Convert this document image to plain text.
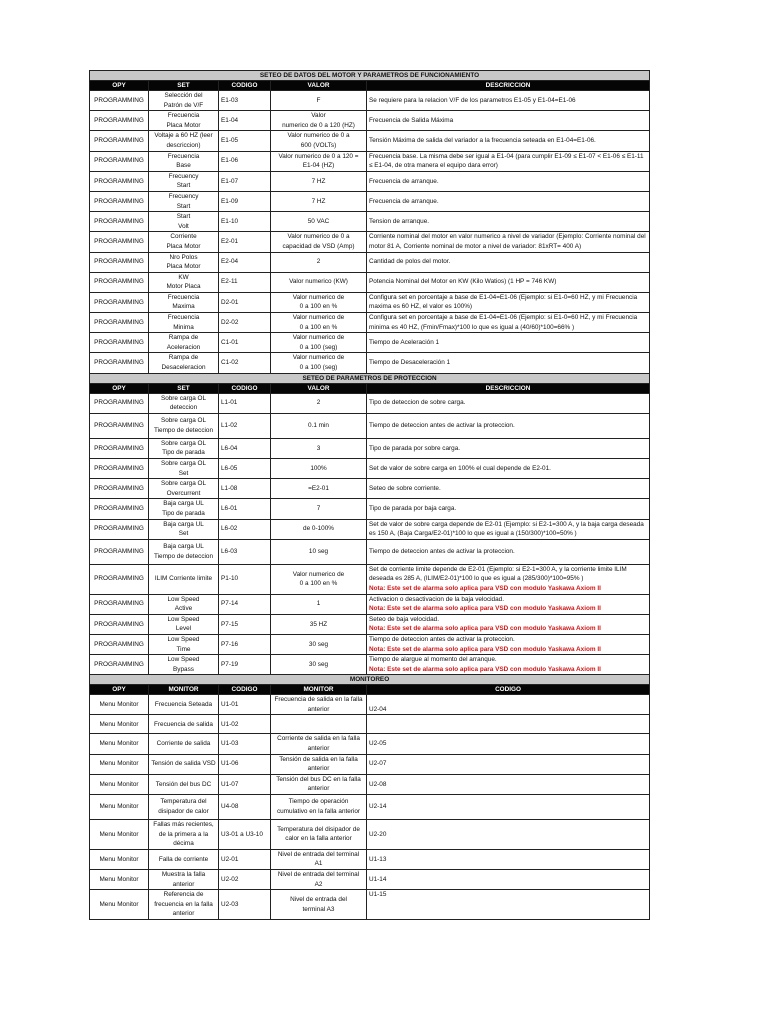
SETEO DE DATOS DEL MOTOR Y PARAMETROS DE FUNCIONAMIENTO				
OPY	SET	CODIGO	VALOR	DESCRICCION
PROGRAMMING	Selección del
Patrón de V/F	E1-03	F	Se requiere para la relacion V/F de los parametros E1-05 y E1-04=E1-06
PROGRAMMING	Frecuencia
Placa Motor	E1-04	Valor
numerico de 0 a 120 (HZ)	Frecuencia de Salida Máxima
PROGRAMMING	Voltaje a 60 HZ (leer
descriccion)	E1-05	Valor numerico de 0 a
600 (VOLTs)	Tensión Máxima de salida del variador a la frecuencia seteada en E1-04=E1-06.
PROGRAMMING	Frecuencia
Base	E1-06	Valor numerico de 0 a 120 =
E1-04 (HZ)	Frecuencia base. La misma debe ser igual a E1-04 (para cumplir E1-09 ≤ E1-07 < E1-06 ≤ E1-11 ≤ E1-04, de otra manera el equipo dara error)
PROGRAMMING	Frecuency
Start	E1-07	7 HZ	Frecuencia de arranque.
PROGRAMMING	Frecuency
Start	E1-09	7 HZ	Frecuencia de arranque.
PROGRAMMING	Start
Volt	E1-10	50 VAC	Tension de arranque.
PROGRAMMING	Corriente
Placa Motor	E2-01	Valor numerico de 0 a
capacidad de VSD (Amp)	Corriente nominal del motor en valor numerico a nivel de variador (Ejemplo: Corriente nominal del motor 81 A, Corriente nominal de motor a nivel de variador: 81xRT= 400 A)
PROGRAMMING	Nro Polos
Placa Motor	E2-04	2	Cantidad de polos del motor.
PROGRAMMING	KW
Motor Placa	E2-11	Valor numerico (KW)	Potencia Nominal del Motor en KW (Kilo Watios) (1 HP = 746 KW)
PROGRAMMING	Frecuencia
Maxima	D2-01	Valor numerico de
0 a 100 en %	Configura set en porcentaje a base de E1-04=E1-06 (Ejemplo: si E1-0=60 HZ, y mi Frecuencia maxima es 60 HZ, el valor es 100%)
PROGRAMMING	Frecuencia
Minima	D2-02	Valor numerico de
0 a 100 en %	Configura set en porcentaje a base de E1-04=E1-06 (Ejemplo: si E1-0=60 HZ, y mi Frecuencia minima es 40 HZ, (Fmin/Fmax)*100 lo que es igual a (40/60)*100=66% )
PROGRAMMING	Rampa de
Aceleracion	C1-01	Valor numerico de
0 a 100 (seg)	Tiempo de Aceleración 1
PROGRAMMING	Rampa de
Desaceleracion	C1-02	Valor numerico de
0 a 100 (seg)	Tiempo de Desaceleración 1
SETEO DE PARAMETROS DE PROTECCION				
OPY	SET	CODIGO	VALOR	DESCRICCION
PROGRAMMING	Sobre carga OL
deteccion	L1-01	2	Tipo de deteccion de sobre carga.
PROGRAMMING	Sobre carga OL
Tiempo de deteccion	L1-02	0.1 min	Tiempo de deteccion antes de activar la proteccion.
PROGRAMMING	Sobre carga OL
Tipo de parada	L6-04	3	Tipo de parada por sobre carga.
PROGRAMMING	Sobre carga OL
Set	L6-05	100%	Set de valor de sobre carga en 100% el cual depende de E2-01.
PROGRAMMING	Sobre carga OL
Overcurrent	L1-08	=E2-01	Seteo de sobre corriente.
PROGRAMMING	Baja carga UL
Tipo de parada	L6-01	7	Tipo de parada por baja carga.
PROGRAMMING	Baja carga UL
Set	L6-02	de 0-100%	Set de valor de sobre carga depende de E2-01 (Ejemplo: si E2-1=300 A, y la baja carga deseada es 150 A, (Baja Carga/E2-01)*100 lo que es igual a (150/300)*100=50% )
PROGRAMMING	Baja carga UL
Tiempo de deteccion	L6-03	10 seg	Tiempo de deteccion antes de activar la proteccion.
PROGRAMMING	ILIM Corriente limite	P1-10	Valor numerico de
0 a 100 en %	Set de corriente limite depende de E2-01 (Ejemplo: si E2-1=300 A, y la corriente limite ILIM deseada es 285 A, (ILIM/E2-01)*100 lo que es igual a (285/300)*100=95% )
Nota: Este set de alarma solo aplica para VSD con modulo Yaskawa Axiom II
PROGRAMMING	Low Speed
Active	P7-14	1	Activacion o desactivacion de la baja velocidad.
Nota: Este set de alarma solo aplica para VSD con modulo Yaskawa Axiom II
PROGRAMMING	Low Speed
Level	P7-15	35 HZ	Seteo de baja velocidad.
Nota: Este set de alarma solo aplica para VSD con modulo Yaskawa Axiom II
PROGRAMMING	Low Speed
Time	P7-16	30 seg	Tiempo de deteccion antes de activar la proteccion.
Nota: Este set de alarma solo aplica para VSD con modulo Yaskawa Axiom II
PROGRAMMING	Low Speed
Bypass	P7-19	30 seg	Tiempo de alargue al momento del arranque.
Nota: Este set de alarma solo aplica para VSD con modulo Yaskawa Axiom II
MONITOREO				
OPY	MONITOR	CODIGO	MONITOR	CODIGO
Menu Monitor	Frecuencia Seteada	U1-01	Frecuencia de salida en la falla
anterior	U2-04
Menu Monitor	Frecuencia de salida	U1-02		
Menu Monitor	Corriente de salida	U1-03	Corriente de salida en la falla
anterior	U2-05
Menu Monitor	Tensión de salida VSD	U1-06	Tensión de salida en la falla
anterior	U2-07
Menu Monitor	Tensión del bus DC	U1-07	Tensión del bus DC en la falla
anterior	U2-08
Menu Monitor	Temperatura del
disipador de calor	U4-08	Tiempo de operación
cumulativo en la falla anterior	U2-14
Menu Monitor	Fallas más recientes,
de la primera a la
décima	U3-01 a U3-10	Temperatura del disipador de
calor en la falla anterior	U2-20
Menu Monitor	Falla de corriente	U2-01	Nivel de entrada del terminal
A1	U1-13
Menu Monitor	Muestra la falla
anterior	U2-02	Nivel de entrada del terminal
A2	U1-14
Menu Monitor	Referencia de
frecuencia en la falla
anterior	U2-03	Nivel de entrada del
terminal A3	U1-15
